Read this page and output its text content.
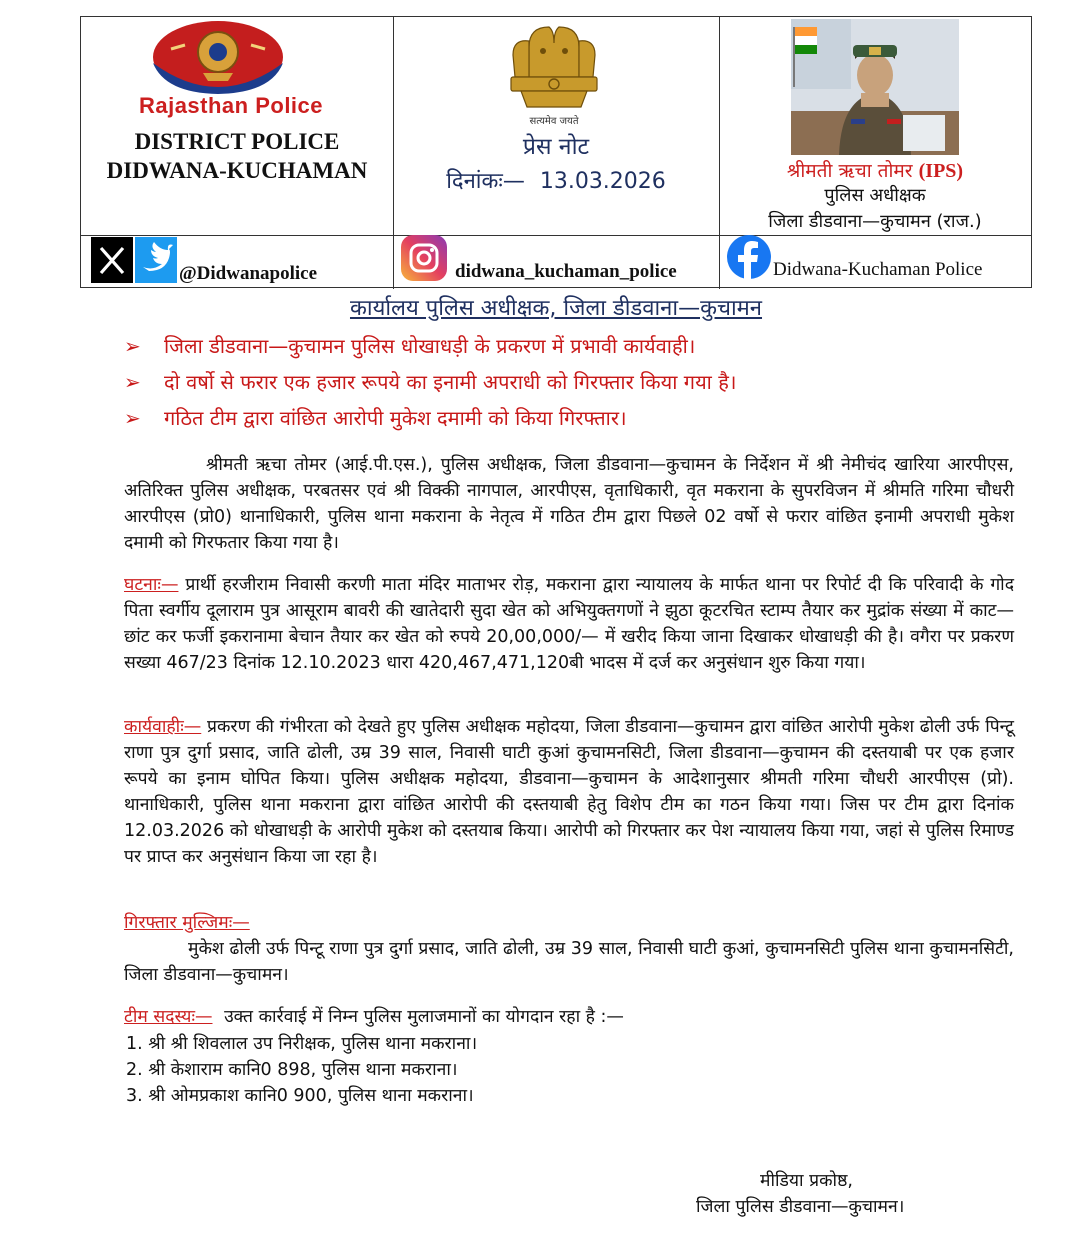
Rajasthan Police
DISTRICT POLICE
DIDWANA-KUCHAMAN
सत्यमेव जयते
प्रेस नोट
दिनांकः— 13.03.2026	श्रीमती ऋचा तोमर (IPS)
पुलिस अधीक्षक
जिला डीडवाना—कुचामन (राज.)
@Didwanapolice	didwana_kuchaman_police	Didwana-Kuchaman Police
कार्यालय पुलिस अधीक्षक, जिला डीडवाना—कुचामन
➢ जिला डीडवाना—कुचामन पुलिस धोखाधड़ी के प्रकरण में प्रभावी कार्यवाही।
➢ दो वर्षो से फरार एक हजार रूपये का इनामी अपराधी को गिरफ्तार किया गया है।
➢ गठित टीम द्वारा वांछित आरोपी मुकेश दमामी को किया गिरफ्तार।
श्रीमती ऋचा तोमर (आई.पी.एस.), पुलिस अधीक्षक, जिला डीडवाना—कुचामन के निर्देशन में श्री नेमीचंद खारिया आरपीएस, अतिरिक्त पुलिस अधीक्षक, परबतसर एवं श्री विक्की नागपाल, आरपीएस, वृताधिकारी, वृत मकराना के सुपरविजन में श्रीमति गरिमा चौधरी आरपीएस (प्रो0) थानाधिकारी, पुलिस थाना मकराना के नेतृत्व में गठित टीम द्वारा पिछले 02 वर्षो से फरार वांछित इनामी अपराधी मुकेश दमामी को गिरफतार किया गया है।
घटनाः— प्रार्थी हरजीराम निवासी करणी माता मंदिर माताभर रोड़, मकराना द्वारा न्यायालय के मार्फत थाना पर रिपोर्ट दी कि परिवादी के गोद पिता स्वर्गीय दूलाराम पुत्र आसूराम बावरी की खातेदारी सुदा खेत को अभियुक्तगणों ने झुठा कूटरचित स्टाम्प तैयार कर मुद्रांक संख्या में काट—छांट कर फर्जी इकरानामा बेचान तैयार कर खेत को रुपये 20,00,000/— में खरीद किया जाना दिखाकर धोखाधड़ी की है। वगैरा पर प्रकरण सख्या 467/23 दिनांक 12.10.2023 धारा 420,467,471,120बी भादस में दर्ज कर अनुसंधान शुरु किया गया।
कार्यवाहीः— प्रकरण की गंभीरता को देखते हुए पुलिस अधीक्षक महोदया, जिला डीडवाना—कुचामन द्वारा वांछित आरोपी मुकेश ढोली उर्फ पिन्टू राणा पुत्र दुर्गा प्रसाद, जाति ढोली, उम्र 39 साल, निवासी घाटी कुआं कुचामनसिटी, जिला डीडवाना—कुचामन की दस्तयाबी पर एक हजार रूपये का इनाम घोपित किया। पुलिस अधीक्षक महोदया, डीडवाना—कुचामन के आदेशानुसार श्रीमती गरिमा चौधरी आरपीएस (प्रो). थानाधिकारी, पुलिस थाना मकराना द्वारा वांछित आरोपी की दस्तयाबी हेतु विशेप टीम का गठन किया गया। जिस पर टीम द्वारा दिनांक 12.03.2026 को धोखाधड़ी के आरोपी मुकेश को दस्तयाब किया। आरोपी को गिरफ्तार कर पेश न्यायालय किया गया, जहां से पुलिस रिमाण्ड पर प्राप्त कर अनुसंधान किया जा रहा है।
गिरफ्तार मुल्जिमः—
मुकेश ढोली उर्फ पिन्टू राणा पुत्र दुर्गा प्रसाद, जाति ढोली, उम्र 39 साल, निवासी घाटी कुआं, कुचामनसिटी पुलिस थाना कुचामनसिटी, जिला डीडवाना—कुचामन।
टीम सदस्यः— उक्त कार्रवाई में निम्न पुलिस मुलाजमानों का योगदान रहा है :—
1. श्री श्री शिवलाल उप निरीक्षक, पुलिस थाना मकराना।
2. श्री केशाराम कानि0 898, पुलिस थाना मकराना।
3. श्री ओमप्रकाश कानि0 900, पुलिस थाना मकराना।
मीडिया प्रकोष्ठ,
जिला पुलिस डीडवाना—कुचामन।
